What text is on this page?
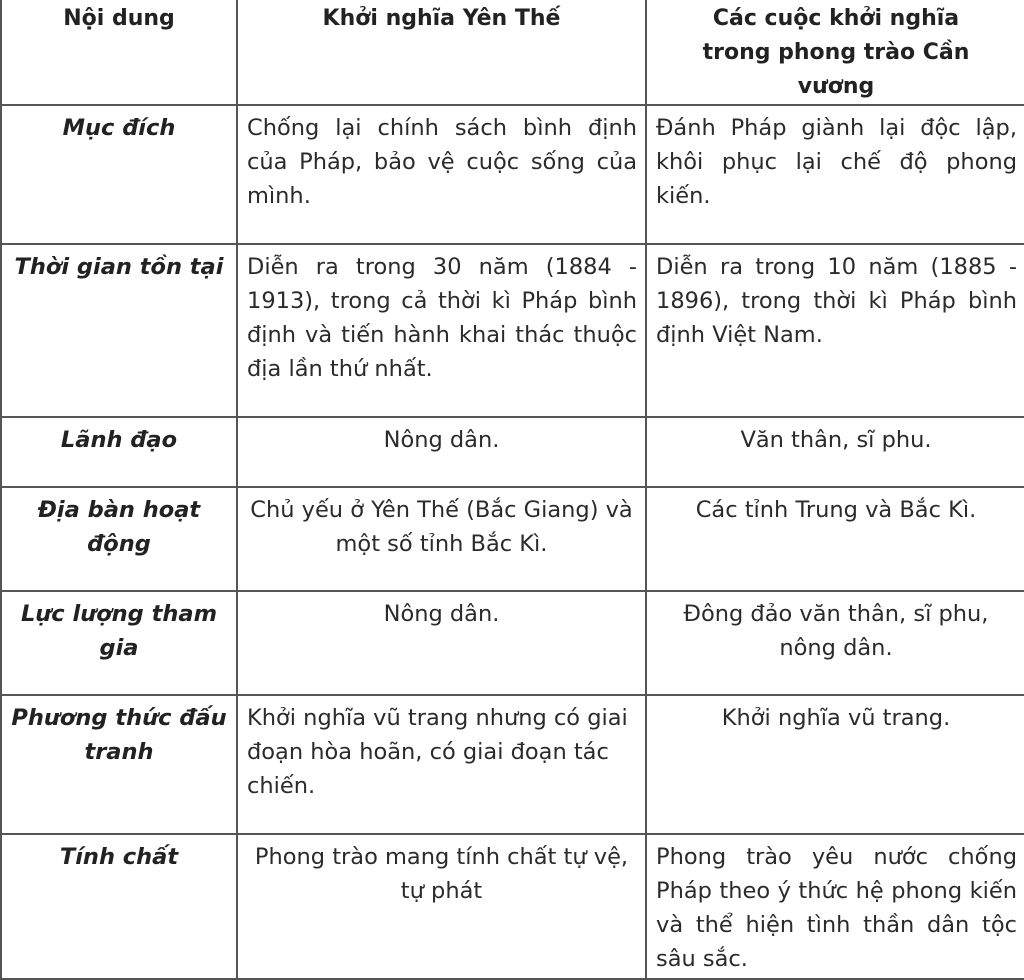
Nội dung	Khởi nghĩa Yên Thế	Các cuộc khởi nghĩa trong phong trào Cần vương
Mục đích	Chống lại chính sách bình định của Pháp, bảo vệ cuộc sống của mình.	Đánh Pháp giành lại độc lập, khôi phục lại chế độ phong kiến.

Thời gian tồn tại	Diễn ra trong 30 năm (1884 - 1913), trong cả thời kì Pháp bình định và tiến hành khai thác thuộc địa lần thứ nhất.	Diễn ra trong 10 năm (1885 - 1896), trong thời kì Pháp bình định Việt Nam.

Lãnh đạo	Nông dân.	Văn thân, sĩ phu.
Địa bàn hoạt động	Chủ yếu ở Yên Thế (Bắc Giang) và một số tỉnh Bắc Kì.	Các tỉnh Trung và Bắc Kì.
Lực lượng tham gia	Nông dân.	Đông đảo văn thân, sĩ phu, nông dân.
Phương thức đấu tranh	Khởi nghĩa vũ trang nhưng có giai đoạn hòa hoãn, có giai đoạn tác chiến.	Khởi nghĩa vũ trang.
Tính chất	Phong trào mang tính chất tự vệ, tự phát	Phong trào yêu nước chống Pháp theo ý thức hệ phong kiến và thể hiện tình thần dân tộc sâu sắc.
